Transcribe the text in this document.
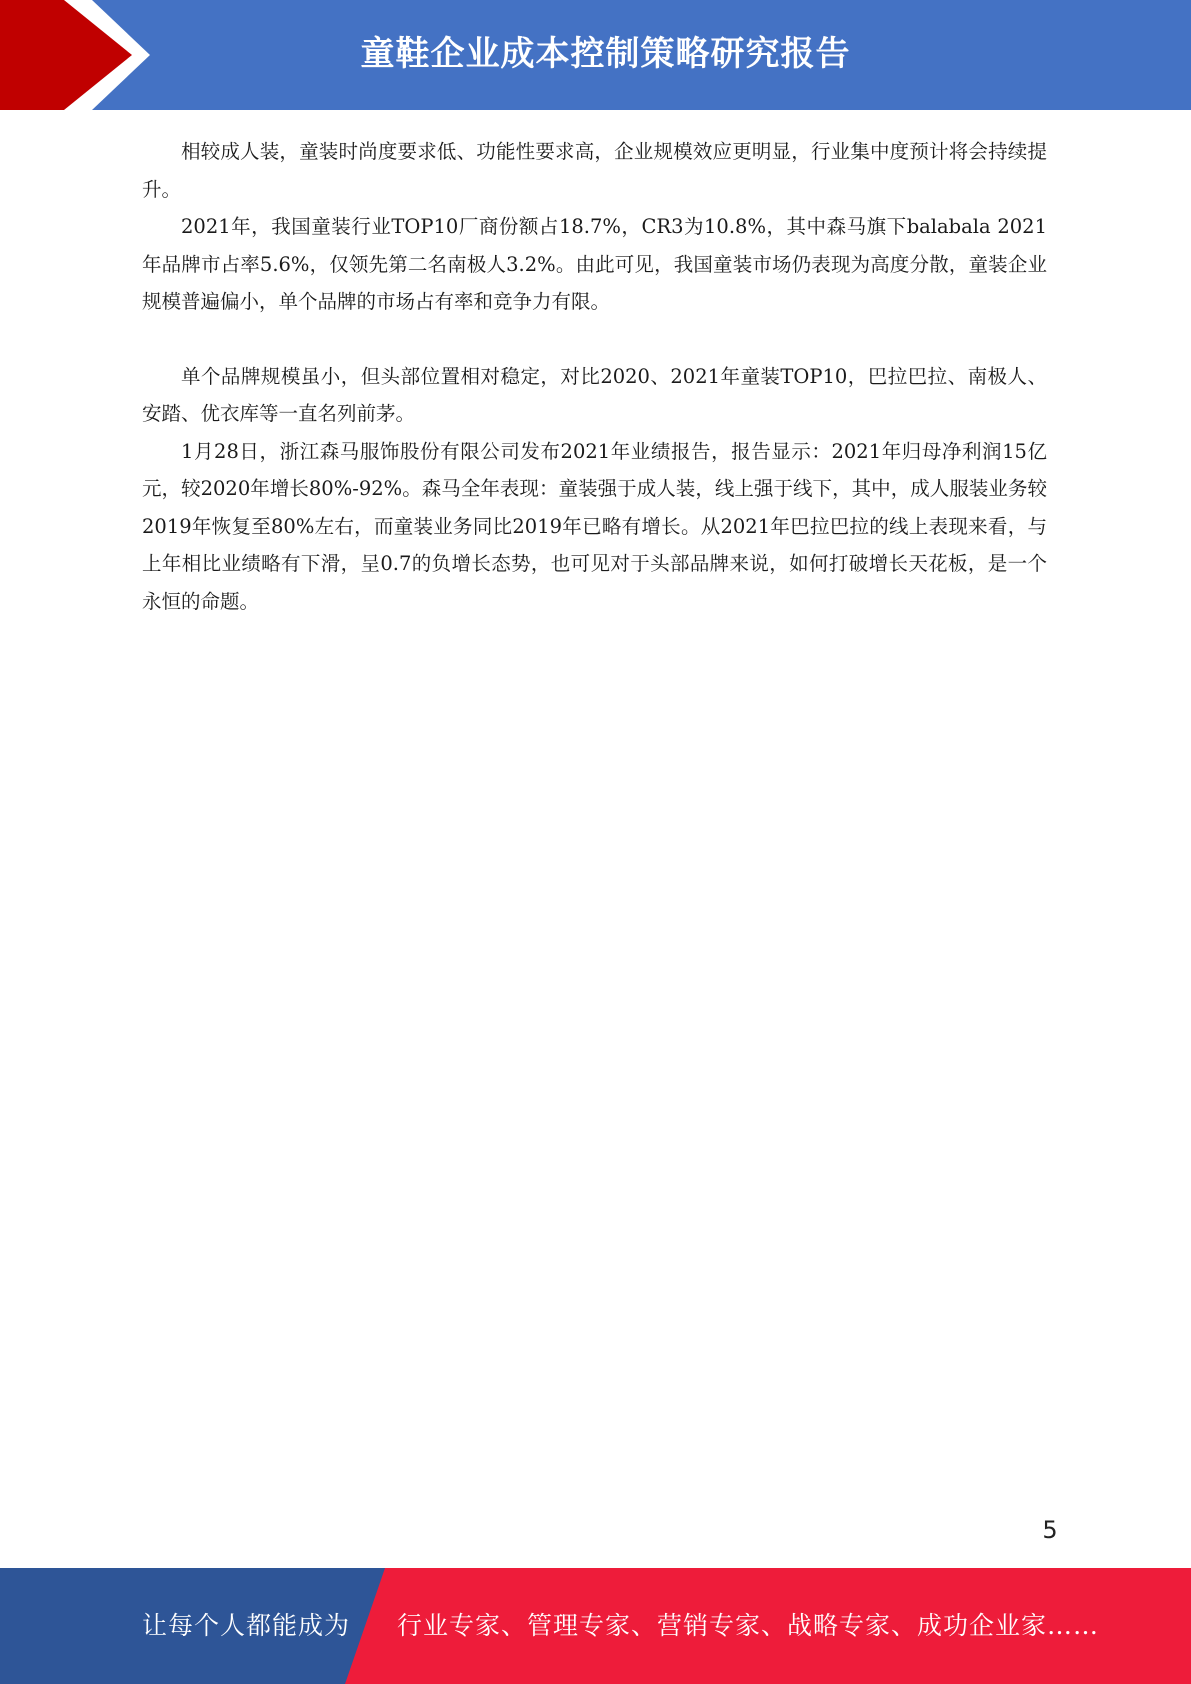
童鞋企业成本控制策略研究报告

相较成人装，童装时尚度要求低、功能性要求高，企业规模效应更明显，行业集中度预计将会持续提升。

2021年，我国童装行业TOP10厂商份额占18.7%，CR3为10.8%，其中森马旗下balabala 2021年品牌市占率5.6%，仅领先第二名南极人3.2%。由此可见，我国童装市场仍表现为高度分散，童装企业规模普遍偏小，单个品牌的市场占有率和竞争力有限。

单个品牌规模虽小，但头部位置相对稳定，对比2020、2021年童装TOP10，巴拉巴拉、南极人、安踏、优衣库等一直名列前茅。

1月28日，浙江森马服饰股份有限公司发布2021年业绩报告，报告显示：2021年归母净利润15亿元，较2020年增长80%-92%。森马全年表现：童装强于成人装，线上强于线下，其中，成人服装业务较2019年恢复至80%左右，而童装业务同比2019年已略有增长。从2021年巴拉巴拉的线上表现来看，与上年相比业绩略有下滑，呈0.7的负增长态势，也可见对于头部品牌来说，如何打破增长天花板，是一个永恒的命题。

5
让每个人都能成为 行业专家、管理专家、营销专家、战略专家、成功企业家……
